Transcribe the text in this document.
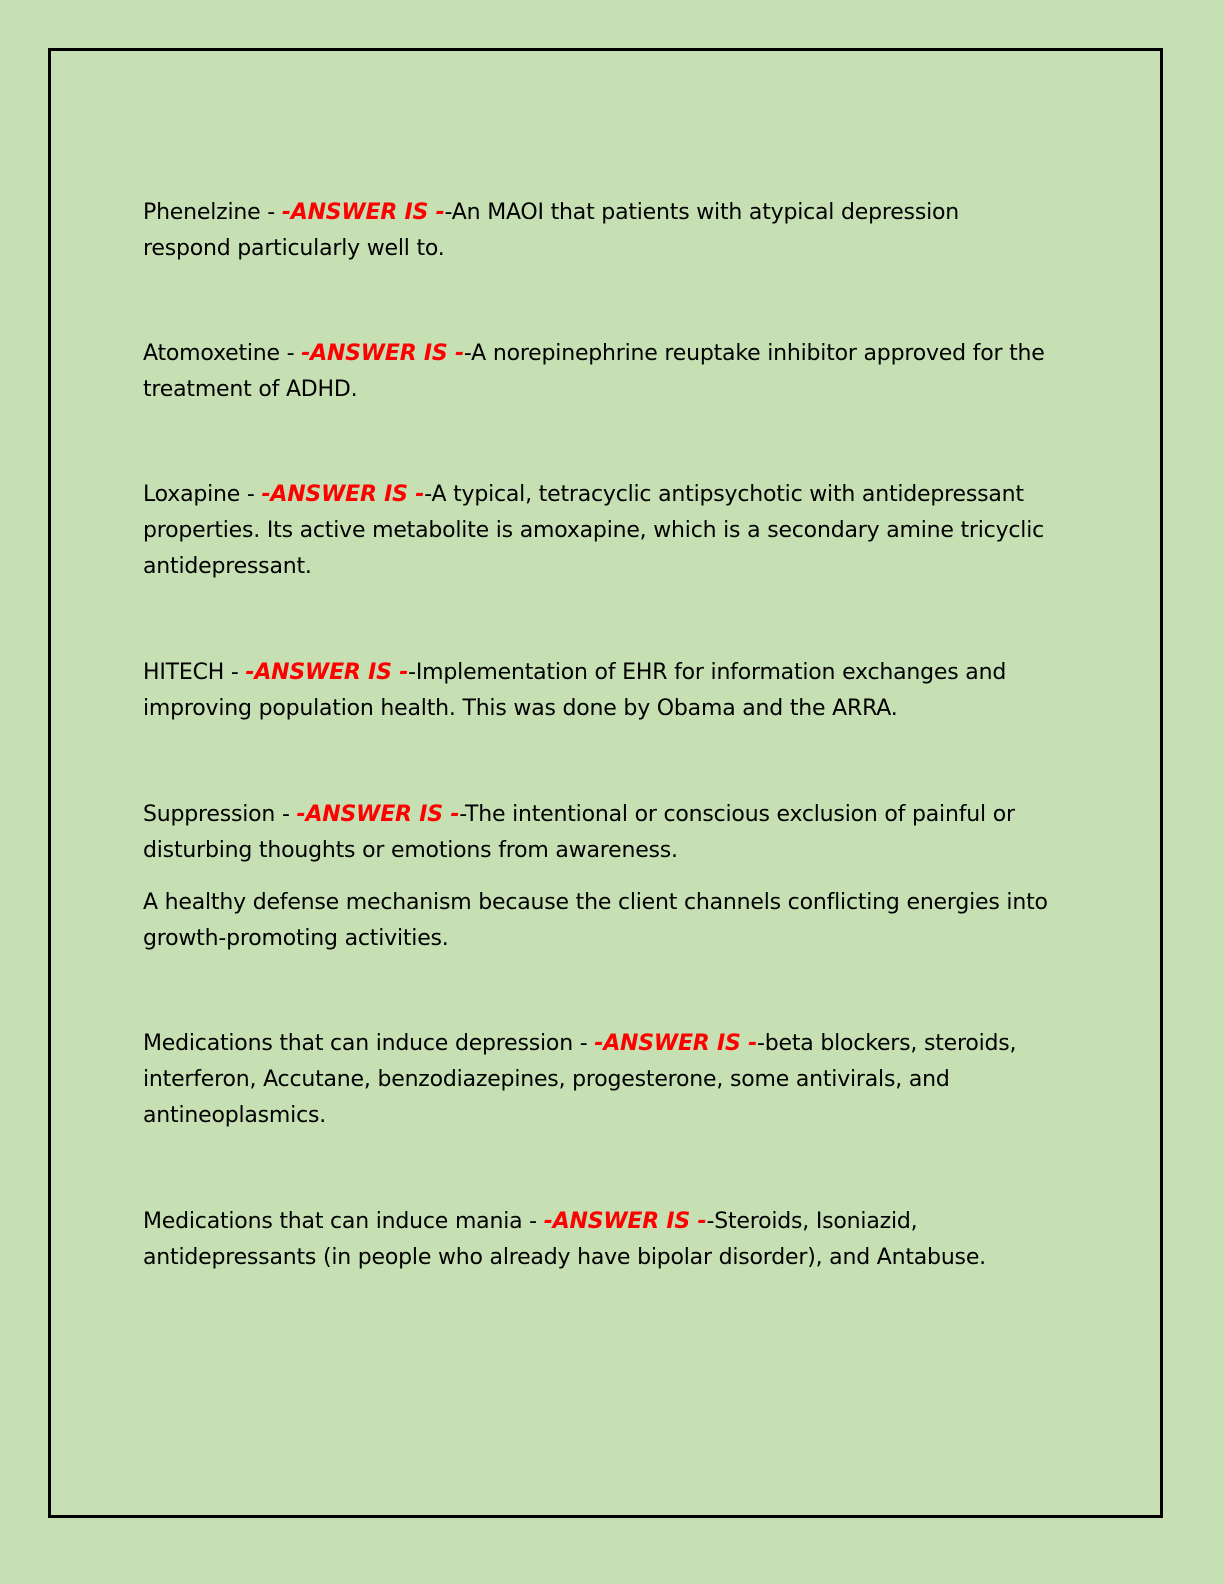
Phenelzine - -ANSWER IS --An MAOI that patients with atypical depression respond particularly well to.

Atomoxetine - -ANSWER IS --A norepinephrine reuptake inhibitor approved for the treatment of ADHD.

Loxapine - -ANSWER IS --A typical, tetracyclic antipsychotic with antidepressant properties. Its active metabolite is amoxapine, which is a secondary amine tricyclic antidepressant.

HITECH - -ANSWER IS --Implementation of EHR for information exchanges and improving population health. This was done by Obama and the ARRA.

Suppression - -ANSWER IS --The intentional or conscious exclusion of painful or disturbing thoughts or emotions from awareness.

A healthy defense mechanism because the client channels conflicting energies into growth-promoting activities.

Medications that can induce depression - -ANSWER IS --beta blockers, steroids, interferon, Accutane, benzodiazepines, progesterone, some antivirals, and antineoplasmics.

Medications that can induce mania - -ANSWER IS --Steroids, Isoniazid, antidepressants (in people who already have bipolar disorder), and Antabuse.
